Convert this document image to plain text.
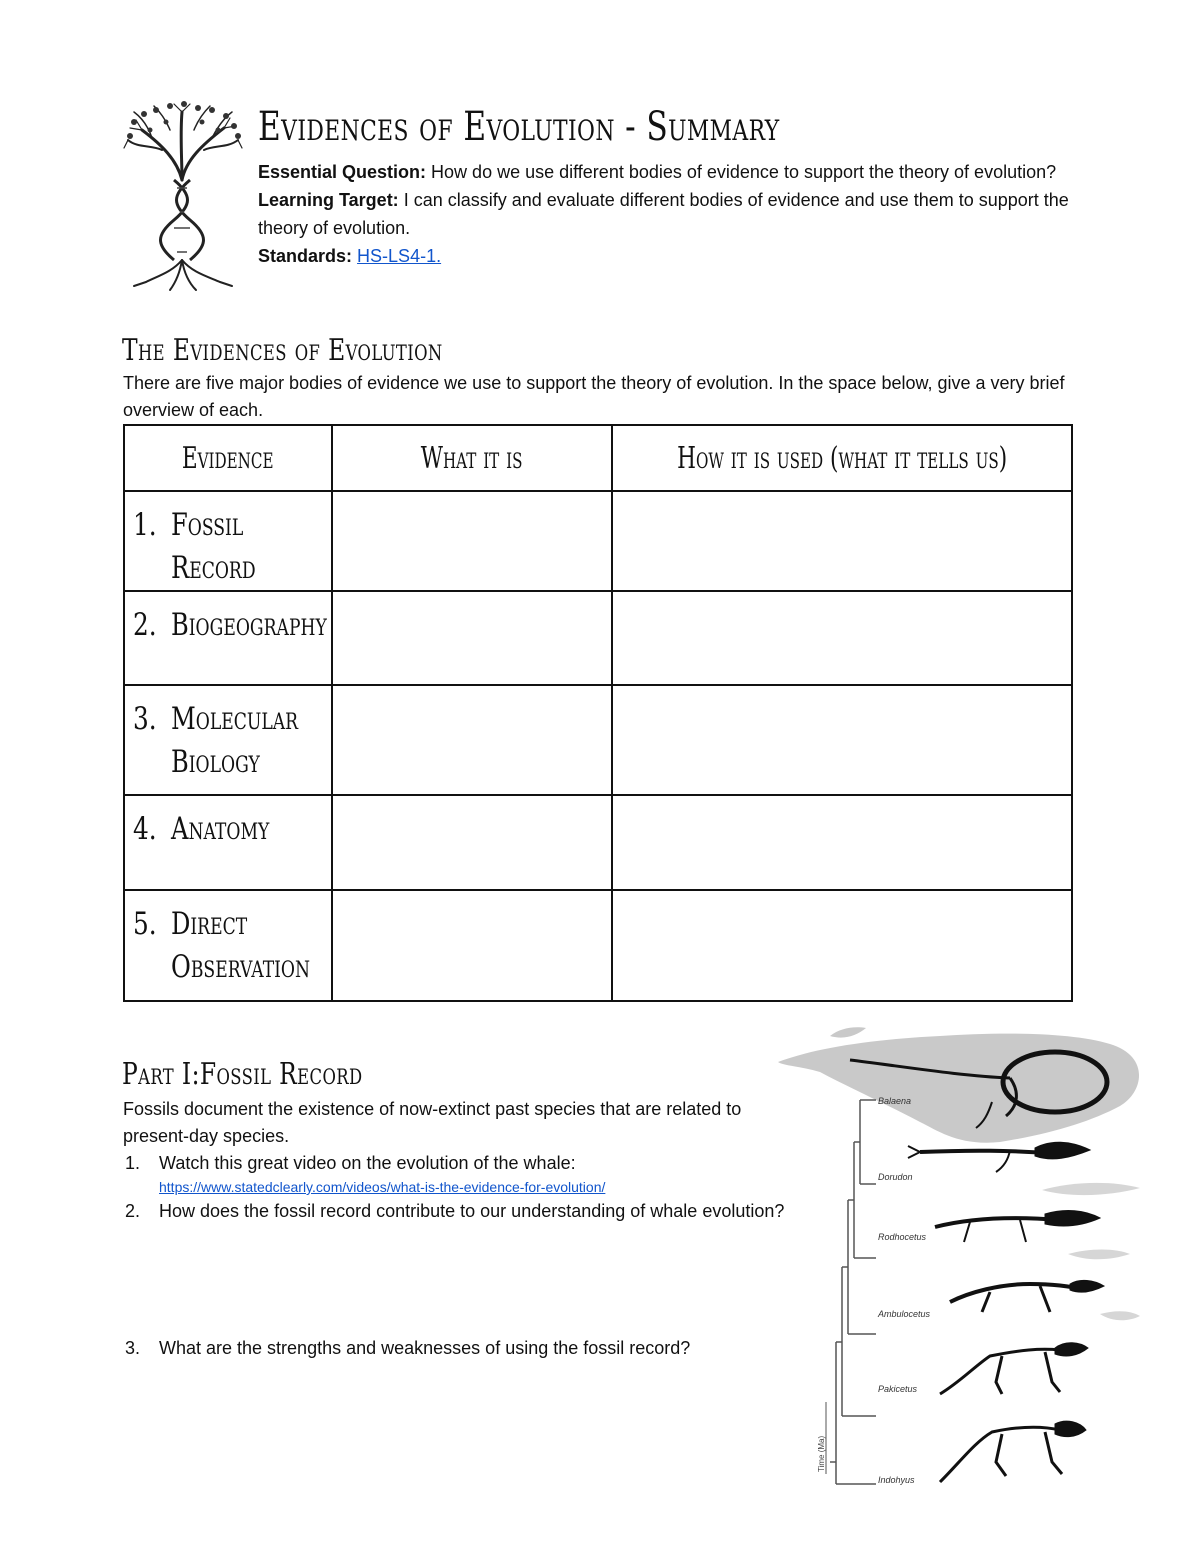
Evidences of Evolution - Summary
Essential Question: How do we use different bodies of evidence to support the theory of evolution?
Learning Target: I can classify and evaluate different bodies of evidence and use them to support the theory of evolution.
Standards: HS-LS4-1.
The Evidences of Evolution
There are five major bodies of evidence we use to support the theory of evolution. In the space below, give a very brief overview of each.
Evidence	What it is	How it is used (what it tells us)

1. Fossil Record		

2. Biogeography		

3. Molecular Biology		

4. Anatomy		

5. Direct Observation		

Part I:Fossil Record
Fossils document the existence of now-extinct past species that are related to present-day species.
1.	Watch this great video on the evolution of the whale:
https://www.statedclearly.com/videos/what-is-the-evidence-for-evolution/
2.	How does the fossil record contribute to our understanding of whale evolution?
3.	What are the strengths and weaknesses of using the fossil record?
Balaena
Dorudon
Rodhocetus
Ambulocetus
Pakicetus
Indohyus
Time (Ma)
